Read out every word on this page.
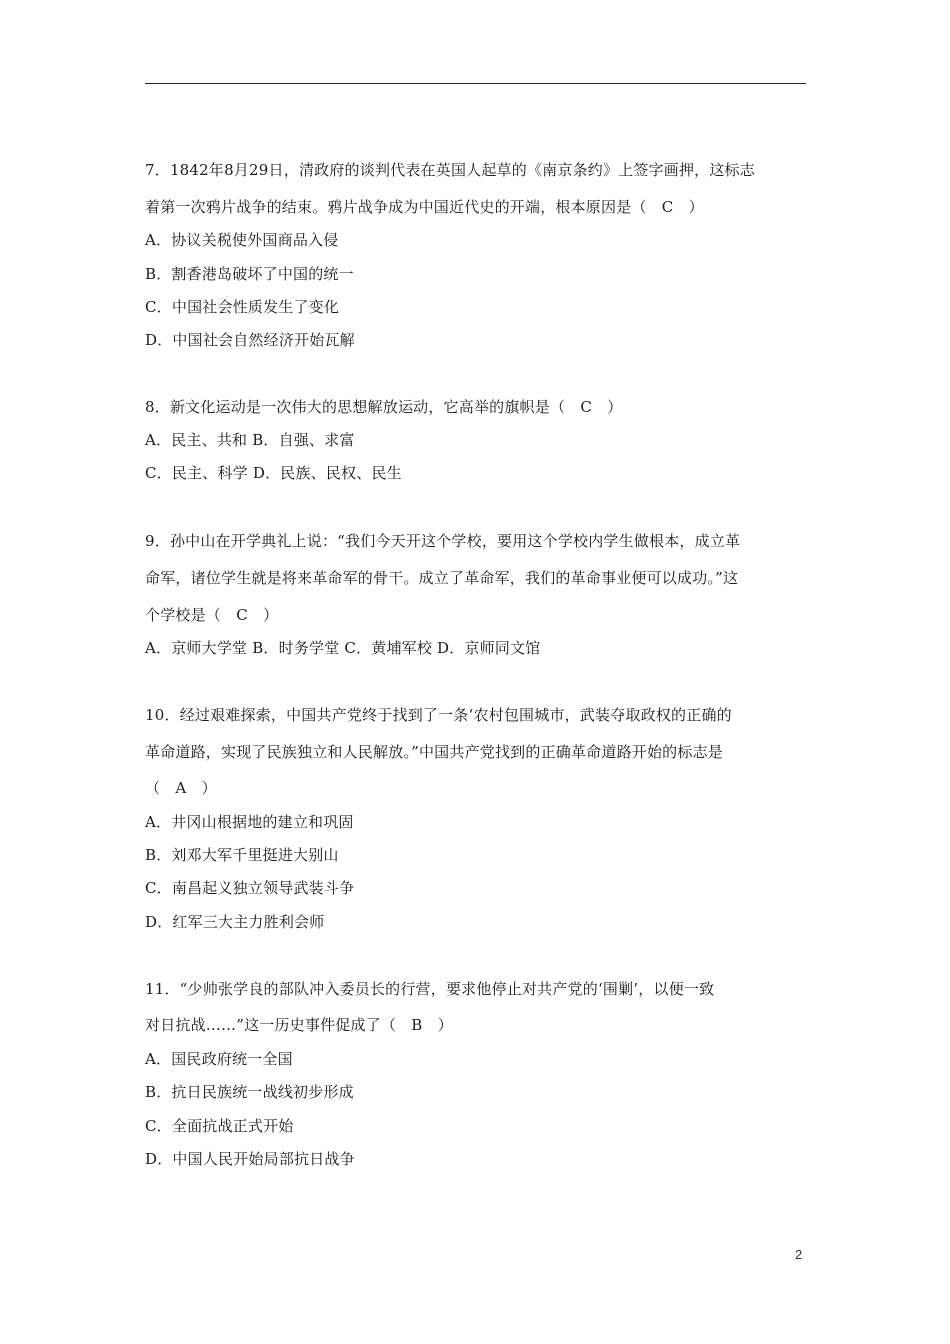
7．1842年8月29日，清政府的谈判代表在英国人起草的《南京条约》上签字画押，这标志
着第一次鸦片战争的结束。鸦片战争成为中国近代史的开端，根本原因是（　C　）
A．协议关税使外国商品入侵
B．割香港岛破坏了中国的统一
C．中国社会性质发生了变化
D．中国社会自然经济开始瓦解
8．新文化运动是一次伟大的思想解放运动，它高举的旗帜是（　C　）
A．民主、共和 B．自强、求富
C．民主、科学 D．民族、民权、民生
9．孙中山在开学典礼上说：“我们今天开这个学校，要用这个学校内学生做根本，成立革
命军，诸位学生就是将来革命军的骨干。成立了革命军，我们的革命事业便可以成功。”这
个学校是（　C　）
A．京师大学堂 B．时务学堂 C．黄埔军校 D．京师同文馆
10．经过艰难探索，中国共产党终于找到了一条‘农村包围城市，武装夺取政权的正确的
革命道路，实现了民族独立和人民解放。”中国共产党找到的正确革命道路开始的标志是
（　A　）
A．井冈山根据地的建立和巩固
B．刘邓大军千里挺进大别山
C．南昌起义独立领导武装斗争
D．红军三大主力胜利会师
11．“少帅张学良的部队冲入委员长的行营，要求他停止对共产党的‘围剿’，以便一致
对日抗战……”这一历史事件促成了（　B　）
A．国民政府统一全国
B．抗日民族统一战线初步形成
C．全面抗战正式开始
D．中国人民开始局部抗日战争
2
